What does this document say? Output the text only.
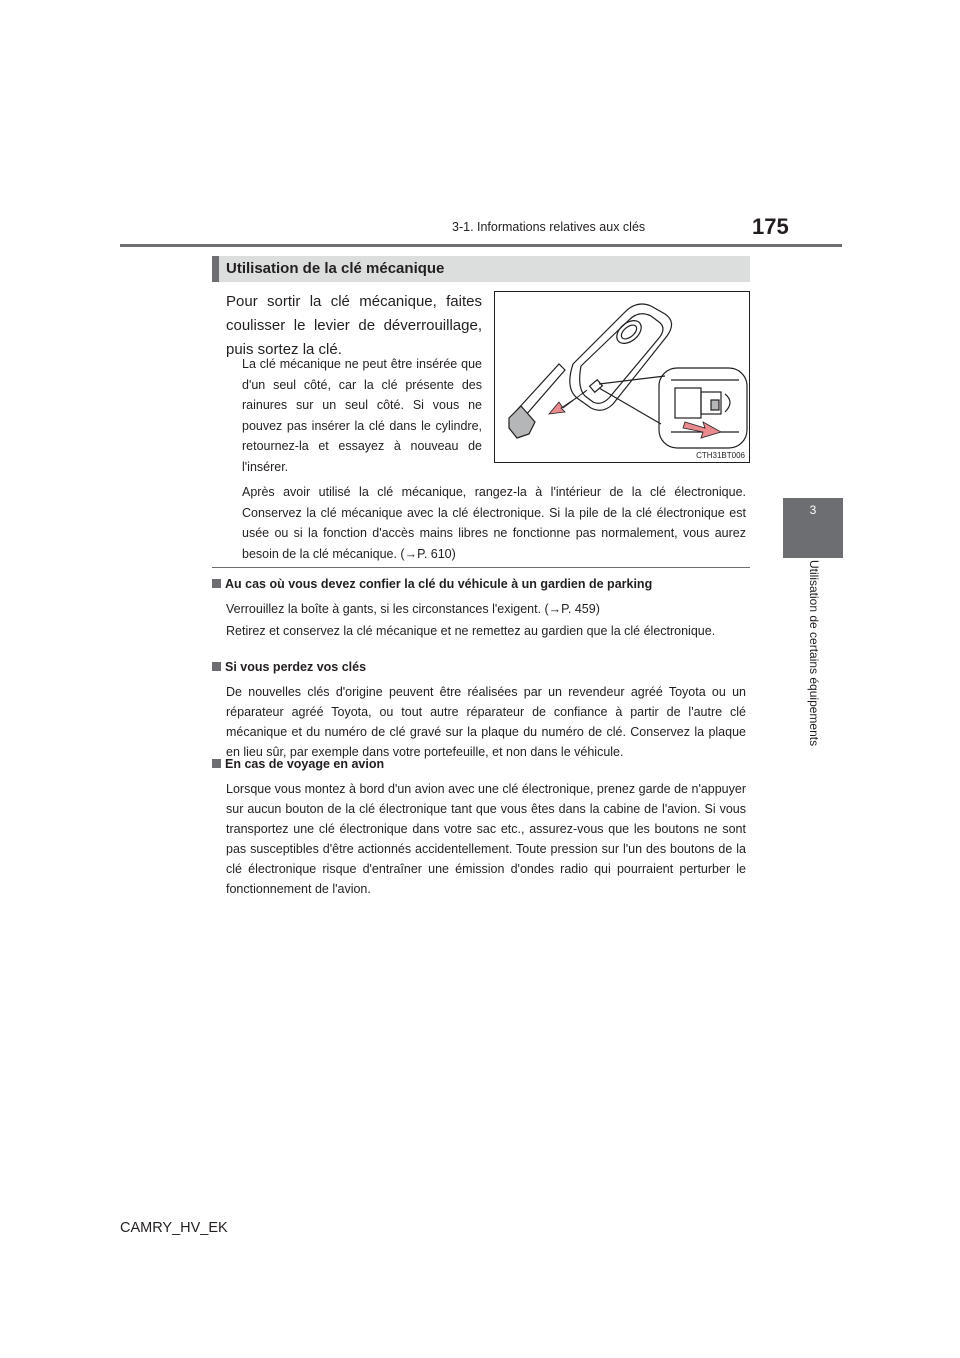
3-1. Informations relatives aux clés	175
3
Utilisation de certains équipements
Utilisation de la clé mécanique
Pour sortir la clé mécanique, faites coulisser le levier de déverrouillage, puis sortez la clé.
La clé mécanique ne peut être insérée que d'un seul côté, car la clé présente des rainures sur un seul côté. Si vous ne pouvez pas insérer la clé dans le cylindre, retournez-la et essayez à nouveau de l'insérer.
CTH31BT006
Après avoir utilisé la clé mécanique, rangez-la à l'intérieur de la clé électronique. Conservez la clé mécanique avec la clé électronique. Si la pile de la clé électronique est usée ou si la fonction d'accès mains libres ne fonctionne pas normalement, vous aurez besoin de la clé mécanique. (→P. 610)
Au cas où vous devez confier la clé du véhicule à un gardien de parking
Verrouillez la boîte à gants, si les circonstances l'exigent. (→P. 459)
Retirez et conservez la clé mécanique et ne remettez au gardien que la clé électronique.
Si vous perdez vos clés
De nouvelles clés d'origine peuvent être réalisées par un revendeur agréé Toyota ou un réparateur agréé Toyota, ou tout autre réparateur de confiance à partir de l'autre clé mécanique et du numéro de clé gravé sur la plaque du numéro de clé. Conservez la plaque en lieu sûr, par exemple dans votre portefeuille, et non dans le véhicule.
En cas de voyage en avion
Lorsque vous montez à bord d'un avion avec une clé électronique, prenez garde de n'appuyer sur aucun bouton de la clé électronique tant que vous êtes dans la cabine de l'avion. Si vous transportez une clé électronique dans votre sac etc., assurez-vous que les boutons ne sont pas susceptibles d'être actionnés accidentellement. Toute pression sur l'un des boutons de la clé électronique risque d'entraîner une émission d'ondes radio qui pourraient perturber le fonctionnement de l'avion.
CAMRY_HV_EK
